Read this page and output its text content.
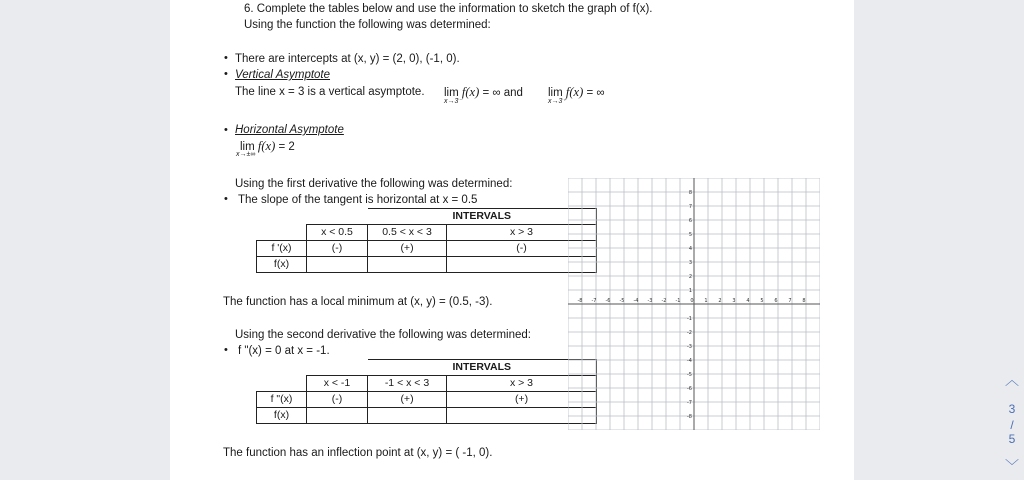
6. Complete the tables below and use the information to sketch the graph of f(x).
Using the function the following was determined:
• There are intercepts at (x, y) = (2, 0), (-1, 0).
• Vertical Asymptote
The line x = 3 is a vertical asymptote. lim
x→3⁻
f(x) = ∞ and lim
x→3⁺
f(x) = ∞
• Horizontal Asymptote
lim
x→±∞
f(x) = 2
Using the first derivative the following was determined:
• The slope of the tangent is horizontal at x = 0.5
		INTERVALS	
	x < 0.5	0.5 < x < 3	x > 3
f '(x)	(-)	(+)	(-)
f(x)			
The function has a local minimum at (x, y) = (0.5, -3).
Using the second derivative the following was determined:
• f "(x) = 0 at x = -1.
		INTERVALS	
	x < -1	-1 < x < 3	x > 3
f "(x)	(-)	(+)	(+)
f(x)			
The function has an inflection point at (x, y) = ( -1, 0).
-8 -7 -6 -5 -4 -3 -2 -1 0 1 2 3 4 5 6 7 8
8
7
6
5
4
3
2
1
-1
-2
-3
-4
-5
-6
-7
-8
︿
3
/
5
﹀
